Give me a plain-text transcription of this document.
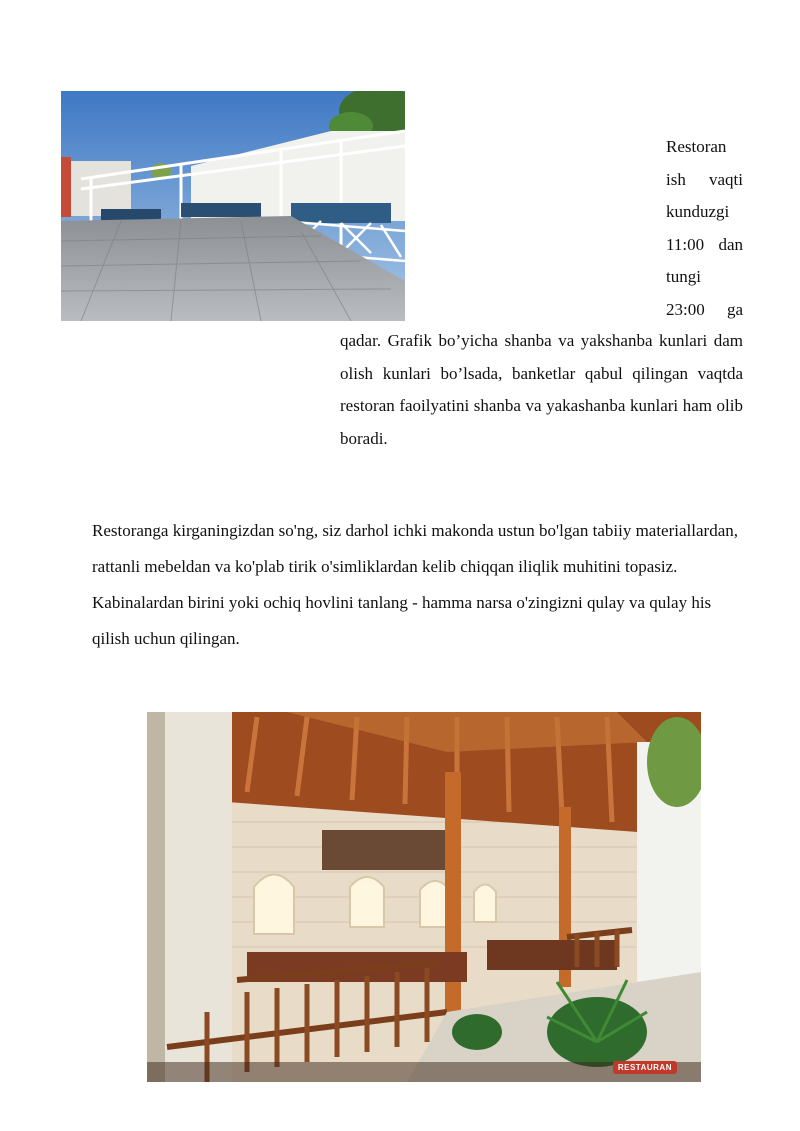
Restoran
ish vaqti
kunduzgi
11:00 dan
tungi
23:00 ga
qadar. Grafik bo’yicha shanba va yakshanba kunlari dam olish kunlari bo’lsada, banketlar qabul qilingan vaqtda restoran faoilyatini shanba va yakashanba kunlari ham olib boradi.
Restoranga kirganingizdan so'ng, siz darhol ichki makonda ustun bo'lgan tabiiy materiallardan, rattanli mebeldan va ko'plab tirik o'simliklardan kelib chiqqan iliqlik muhitini topasiz. Kabinalardan birini yoki ochiq hovlini tanlang - hamma narsa o'zingizni qulay va qulay his qilish uchun qilingan.
RESTAURAN
